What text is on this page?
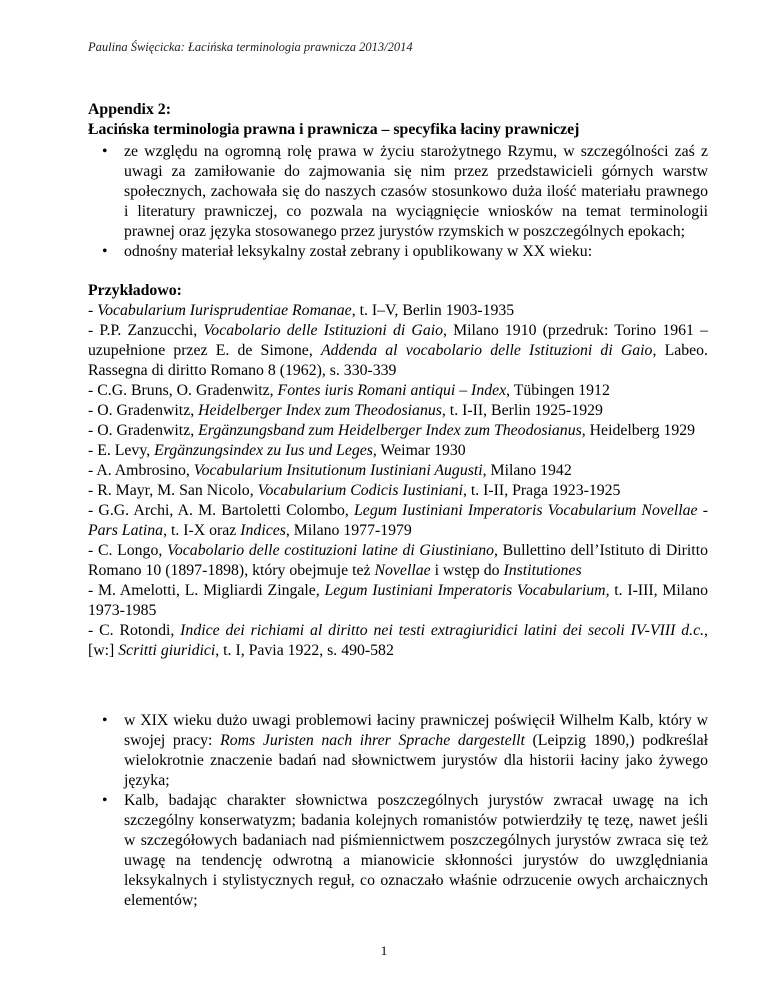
Paulina Święcicka: Łacińska terminologia prawnicza 2013/2014
Appendix 2:
Łacińska terminologia prawna i prawnicza – specyfika łaciny prawniczej
• ze względu na ogromną rolę prawa w życiu starożytnego Rzymu, w szczególności zaś z uwagi za zamiłowanie do zajmowania się nim przez przedstawicieli górnych warstw społecznych, zachowała się do naszych czasów stosunkowo duża ilość materiału prawnego i literatury prawniczej, co pozwala na wyciągnięcie wniosków na temat terminologii prawnej oraz języka stosowanego przez jurystów rzymskich w poszczególnych epokach;
• odnośny materiał leksykalny został zebrany i opublikowany w XX wieku:
Przykładowo:

- Vocabularium Iurisprudentiae Romanae, t. I–V, Berlin 1903-1935

- P.P. Zanzucchi, Vocabolario delle Istituzioni di Gaio, Milano 1910 (przedruk: Torino 1961 – uzupełnione przez E. de Simone, Addenda al vocabolario delle Istituzioni di Gaio, Labeo. Rassegna di diritto Romano 8 (1962), s. 330-339

- C.G. Bruns, O. Gradenwitz, Fontes iuris Romani antiqui – Index, Tübingen 1912

- O. Gradenwitz, Heidelberger Index zum Theodosianus, t. I-II, Berlin 1925-1929

- O. Gradenwitz, Ergänzungsband zum Heidelberger Index zum Theodosianus, Heidelberg 1929

- E. Levy, Ergänzungsindex zu Ius und Leges, Weimar 1930

- A. Ambrosino, Vocabularium Insitutionum Iustiniani Augusti, Milano 1942

- R. Mayr, M. San Nicolo, Vocabularium Codicis Iustiniani, t. I-II, Praga 1923-1925

- G.G. Archi, A. M. Bartoletti Colombo, Legum Iustiniani Imperatoris Vocabularium Novellae - Pars Latina, t. I-X oraz Indices, Milano 1977-1979

- C. Longo, Vocabolario delle costituzioni latine di Giustiniano, Bullettino dell’Istituto di Diritto Romano 10 (1897-1898), który obejmuje też Novellae i wstęp do Institutiones

- M. Amelotti, L. Migliardi Zingale, Legum Iustiniani Imperatoris Vocabularium, t. I-III, Milano 1973-1985

- C. Rotondi, Indice dei richiami al diritto nei testi extragiuridici latini dei secoli IV-VIII d.c., [w:] Scritti giuridici, t. I, Pavia 1922, s. 490-582

• w XIX wieku dużo uwagi problemowi łaciny prawniczej poświęcił Wilhelm Kalb, który w swojej pracy: Roms Juristen nach ihrer Sprache dargestellt (Leipzig 1890,) podkreślał wielokrotnie znaczenie badań nad słownictwem jurystów dla historii łaciny jako żywego języka;
• Kalb, badając charakter słownictwa poszczególnych jurystów zwracał uwagę na ich szczególny konserwatyzm; badania kolejnych romanistów potwierdziły tę tezę, nawet jeśli w szczegółowych badaniach nad piśmiennictwem poszczególnych jurystów zwraca się też uwagę na tendencję odwrotną a mianowicie skłonności jurystów do uwzględniania leksykalnych i stylistycznych reguł, co oznaczało właśnie odrzucenie owych archaicznych elementów;
1
